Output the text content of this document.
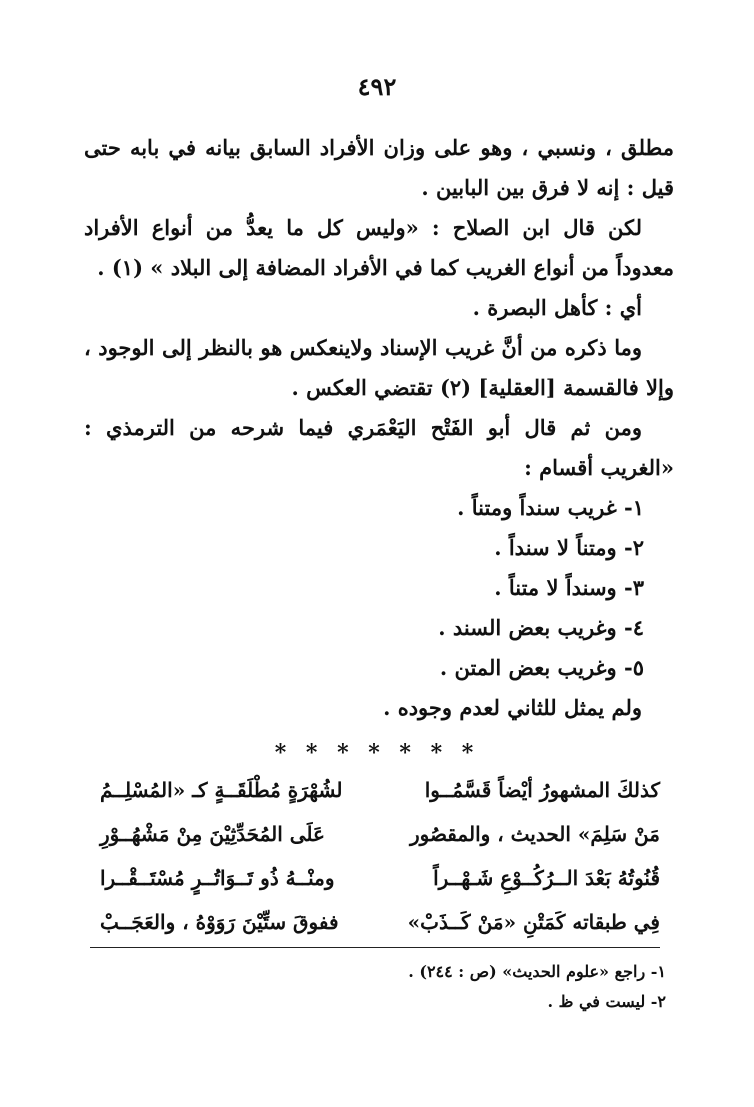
٤٩٢

مطلق ، ونسبي ، وهو على وزان الأفراد السابق بيانه في بابه حتى قيل : إنه لا فرق بين البابين .

لكن قال ابن الصلاح : «وليس كل ما يعدُّ من أنواع الأفراد معدوداً من أنواع الغريب كما في الأفراد المضافة إلى البلاد » (١) .

أي : كأهل البصرة .

وما ذكره من أنَّ غريب الإسناد ولاينعكس هو بالنظر إلى الوجود ، وإلا فالقسمة [العقلية] (٢) تقتضي العكس .

ومن ثم قال أبو الفَتْح اليَعْمَري فيما شرحه من الترمذي : «الغريب أقسام :

١- غريب سنداً ومتناً .

٢- ومتناً لا سنداً .

٣- وسنداً لا متناً .

٤- وغريب بعض السند .

٥- وغريب بعض المتن .

ولم يمثل للثاني لعدم وجوده .

* * * * * * *
كذلكَ المشهورُ أيْضاً قَسَّمُــوا
لشُهْرَةٍ مُطْلَقَــةٍ كـ «المُسْلِــمُ
مَنْ سَلِمَ» الحديث ، والمقصُور
عَلَى المُحَدِّثِيْنَ مِنْ مَشْهُــوْرِ
قُنُوتُهُ بَعْدَ الــرُكُــوْعِ شَـهْــراً
ومنْــهُ ذُو تَــوَاتُــرٍ مُسْتَــقْــرا
فِي طبقاته كَمَتْنِ «مَنْ كَــذَبْ»
ففوقَ ستِّيْنَ رَوَوْهُ ، والعَجَــبْ
١- راجع «علوم الحديث» (ص : ٢٤٤) .
٢- ليست في ظ .
